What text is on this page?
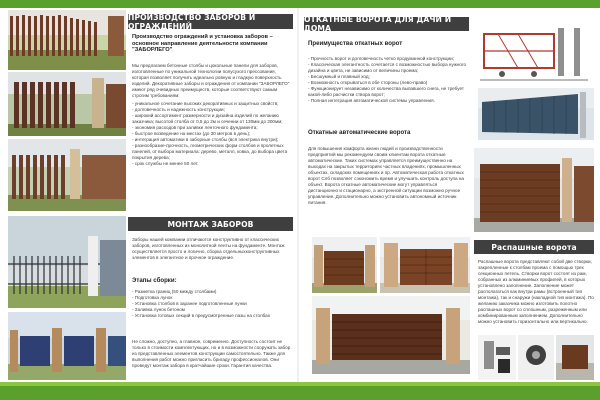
ПРОИЗВОДСТВО ЗАБОРОВ И ОГРАЖДЕНИЙ
Производство ограждений и установка заборов – основное направление деятельности компании "ЗАБОРЛЕГО"

Мы предлагаем бетонные столбы и цокольные панели для заборов, изготовленные по уникальной технологии полусухого прессования, которая позволяет получить идеально ровную и гладкую поверхность изделий. Декоративные заборы и ограждения от компании "ЗАБОРЛЕГО" имеют ряд очевидных преимуществ, которые соответствуют самым строгим требованиям:

- уникальное сочетание высоких декоративных и защитных свойств;
- долговечность и надежность конструкции;
- широкий ассортимент размерности и дизайна изделий по желанию заказчика; высотой столба от 0,5 до 2м и сечении от 130мм до 300мм;
- экономия расходов при заливке ленточного фундамента;
- быстрое возведение на местах (до 30 метров в день);
- интеграция автоматики в заборные столбы (вся электрика внутри);
- разнообразие-прочность, геометрических форм столбов и пролетных панелей, от выбора материала: дерево, металл, ковка, до выбора цвета покрытия дерева;
- срок службы не менее 50 лет.
МОНТАЖ ЗАБОРОВ
Заборы нашей компании отличаются конструктивно от классических заборов, изготовленных из монолитной ленты на фундаменте. Монтаж осуществляется просто и логично, сборка отдельныхконструктивных элементов в элегантное и прочное ограждение.
Этапы сборки:
- Разметка границ (50 между столбами)
- Подготовка лунок
- Установка столбов в заранее подготовленные лунки
- Заливка лунок бетоном
- Установка готовых секций в предусмотренные пазы на столбах
Не сложно, доступно, а главное, современно. Доступность состоит не только в стоимости комплектующих, но и в возможности сооружать забор из представленных элементов конструкции самостоятельно. Также для выполнения работ можно пригласить бригаду профессионалов. Они проведут монтаж забора в кратчайшие сроки. Гарантия качества.
ОТКАТНЫЕ ВОРОТА ДЛЯ ДАЧИ И ДОМА
Преимущества откатных ворот
- Прочность ворот и долговечность четко продуманной конструкции;
- Классическая элегантность сочетается с возможностью выбора нужного дизайна и цвета, не зависимо от величины проема;
- Бесшумный и плавный ход;
- Возможность открываться в обе стороны (лево-право)
- Функционирует независимо от количества выпавшего снега, не требует какой-либо расчистки створа ворот;
- Полная интеграция автоматической системы управления.
Откатные автоматические ворота
Для повышения комфорта жизни людей и производственности предприятий мы рекомендуем своим клиентам ворота откатные автоматические. Таких системах управляется преимущественно на выходах на закрытых территориях частных владениях, промышленных объектах, складских помещениях и пр. Автоматическая работа откатных ворот Слб позволяет сэкономить время и улучшить контроль доступа на объект. Ворота откатные автоматические могут управляться дистанционно и стационарно, а экстренной ситуации возможно ручное управление. Дополнительно можно установить автономный источник питания.
Распашные ворота
Распашные ворота представляют собой две створки, закрепленные к столбам проема с помощью трех секционных петель. Створки ворот состоят из рам, собранных из алюминиевых профилей, в которых установлено заполнение. Заполнение может располагаться как внутри рамы (встроенный тип монтажа), так и снаружи (накладной тип монтажа). По желанию заказчика можно изготовить полотно распашных ворот со сплошным, разреженным или комбинированным заполнением. Дополнительно можно установить горизонтально или вертикально.
